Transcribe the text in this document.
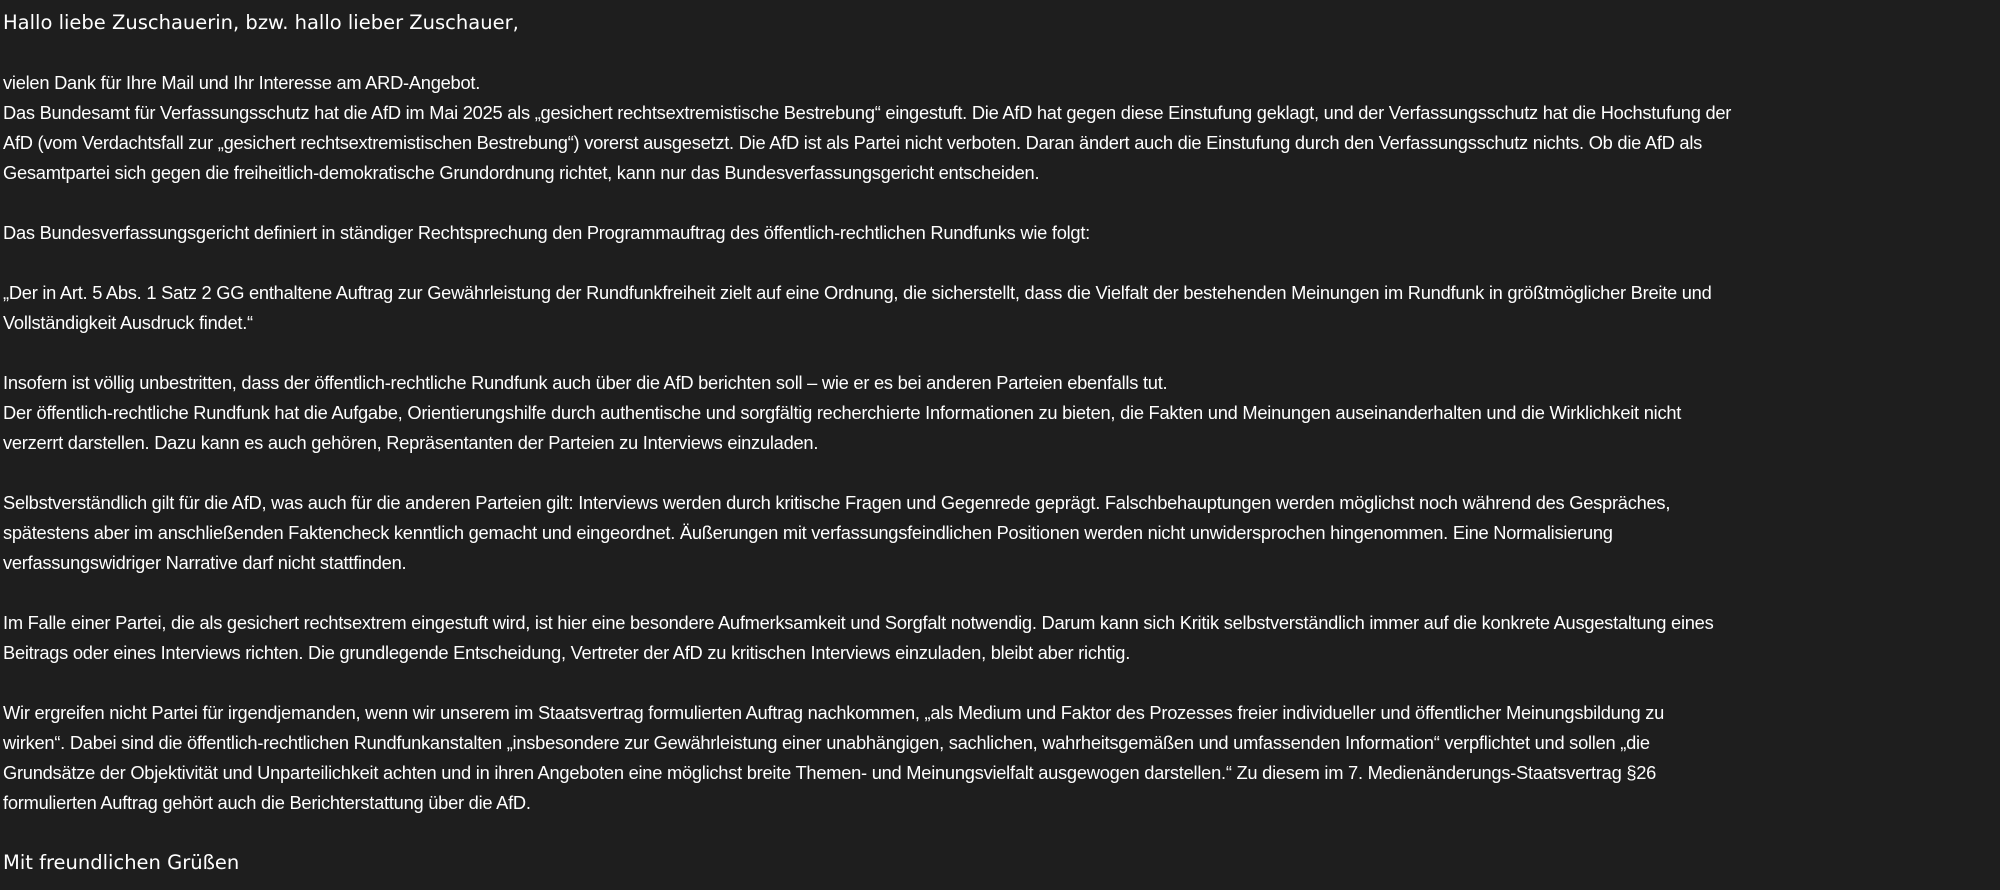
Hallo liebe Zuschauerin, bzw. hallo lieber Zuschauer,

vielen Dank für Ihre Mail und Ihr Interesse am ARD-Angebot.
Das Bundesamt für Verfassungsschutz hat die AfD im Mai 2025 als „gesichert rechtsextremistische Bestrebung“ eingestuft. Die AfD hat gegen diese Einstufung geklagt, und der Verfassungsschutz hat die Hochstufung der
AfD (vom Verdachtsfall zur „gesichert rechtsextremistischen Bestrebung“) vorerst ausgesetzt. Die AfD ist als Partei nicht verboten. Daran ändert auch die Einstufung durch den Verfassungsschutz nichts. Ob die AfD als
Gesamtpartei sich gegen die freiheitlich-demokratische Grundordnung richtet, kann nur das Bundesverfassungsgericht entscheiden.

Das Bundesverfassungsgericht definiert in ständiger Rechtsprechung den Programmauftrag des öffentlich-rechtlichen Rundfunks wie folgt:

„Der in Art. 5 Abs. 1 Satz 2 GG enthaltene Auftrag zur Gewährleistung der Rundfunkfreiheit zielt auf eine Ordnung, die sicherstellt, dass die Vielfalt der bestehenden Meinungen im Rundfunk in größtmöglicher Breite und
Vollständigkeit Ausdruck findet.“

Insofern ist völlig unbestritten, dass der öffentlich-rechtliche Rundfunk auch über die AfD berichten soll – wie er es bei anderen Parteien ebenfalls tut.
Der öffentlich-rechtliche Rundfunk hat die Aufgabe, Orientierungshilfe durch authentische und sorgfältig recherchierte Informationen zu bieten, die Fakten und Meinungen auseinanderhalten und die Wirklichkeit nicht
verzerrt darstellen. Dazu kann es auch gehören, Repräsentanten der Parteien zu Interviews einzuladen.

Selbstverständlich gilt für die AfD, was auch für die anderen Parteien gilt: Interviews werden durch kritische Fragen und Gegenrede geprägt. Falschbehauptungen werden möglichst noch während des Gespräches,
spätestens aber im anschließenden Faktencheck kenntlich gemacht und eingeordnet. Äußerungen mit verfassungsfeindlichen Positionen werden nicht unwidersprochen hingenommen. Eine Normalisierung
verfassungswidriger Narrative darf nicht stattfinden.

Im Falle einer Partei, die als gesichert rechtsextrem eingestuft wird, ist hier eine besondere Aufmerksamkeit und Sorgfalt notwendig. Darum kann sich Kritik selbstverständlich immer auf die konkrete Ausgestaltung eines
Beitrags oder eines Interviews richten. Die grundlegende Entscheidung, Vertreter der AfD zu kritischen Interviews einzuladen, bleibt aber richtig.

Wir ergreifen nicht Partei für irgendjemanden, wenn wir unserem im Staatsvertrag formulierten Auftrag nachkommen, „als Medium und Faktor des Prozesses freier individueller und öffentlicher Meinungsbildung zu
wirken“. Dabei sind die öffentlich-rechtlichen Rundfunkanstalten „insbesondere zur Gewährleistung einer unabhängigen, sachlichen, wahrheitsgemäßen und umfassenden Information“ verpflichtet und sollen „die
Grundsätze der Objektivität und Unparteilichkeit achten und in ihren Angeboten eine möglichst breite Themen- und Meinungsvielfalt ausgewogen darstellen.“ Zu diesem im 7. Medienänderungs-Staatsvertrag §26
formulierten Auftrag gehört auch die Berichterstattung über die AfD.

Mit freundlichen Grüßen
